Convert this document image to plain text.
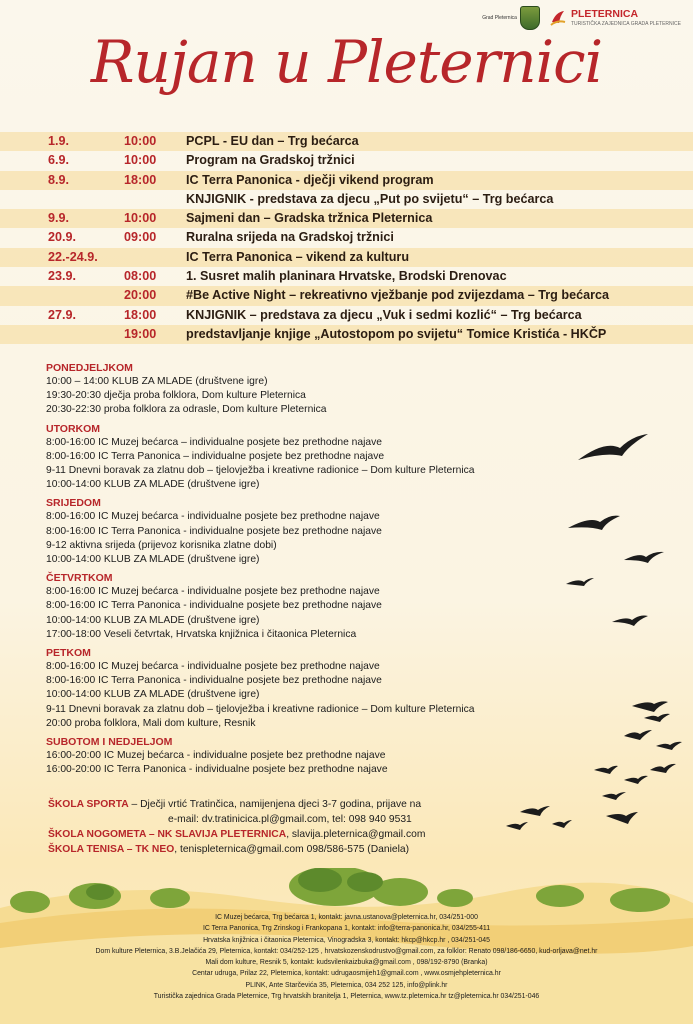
Grad Pleternica	PLETERNICA
TURISTIČKA ZAJEDNICA GRADA PLETERNICE
Rujan u Pleternici
1.9.	10:00 PCPL - EU dan – Trg bećarca
6.9.	10:00 Program na Gradskoj tržnici
8.9.	18:00 IC Terra Panonica - dječji vikend program
KNJIGNIK - predstava za djecu „Put po svijetu“ – Trg bećarca
9.9.	10:00 Sajmeni dan – Gradska tržnica Pleternica
20.9.	09:00 Ruralna srijeda na Gradskoj tržnici
22.-24.9.	IC Terra Panonica – vikend za kulturu
23.9.	08:00 1. Susret malih planinara Hrvatske, Brodski Drenovac
20:00 #Be Active Night – rekreativno vježbanje pod zvijezdama – Trg bećarca
27.9.	18:00 KNJIGNIK – predstava za djecu „Vuk i sedmi kozlić“ – Trg bećarca
19:00 predstavljanje knjige „Autostopom po svijetu“ Tomice Kristića - HKČP
PONEDJELJKOM
10:00 – 14:00 KLUB ZA MLADE (društvene igre)
19:30-20:30 dječja proba folklora, Dom kulture Pleternica
20:30-22:30 proba folklora za odrasle, Dom kulture Pleternica
UTORKOM
8:00-16:00 IC Muzej bećarca – individualne posjete bez prethodne najave
8:00-16:00 IC Terra Panonica – individualne posjete bez prethodne najave
9-11 Dnevni boravak za zlatnu dob – tjelovježba i kreativne radionice – Dom kulture Pleternica
10:00-14:00 KLUB ZA MLADE (društvene igre)
SRIJEDOM
8:00-16:00 IC Muzej bećarca - individualne posjete bez prethodne najave
8:00-16:00 IC Terra Panonica - individualne posjete bez prethodne najave
9-12 aktivna srijeda (prijevoz korisnika zlatne dobi)
10:00-14:00 KLUB ZA MLADE (društvene igre)
ČETVRTKOM
8:00-16:00 IC Muzej bećarca - individualne posjete bez prethodne najave
8:00-16:00 IC Terra Panonica - individualne posjete bez prethodne najave
10:00-14:00 KLUB ZA MLADE (društvene igre)
17:00-18:00 Veseli četvrtak, Hrvatska knjižnica i čitaonica Pleternica
PETKOM
8:00-16:00 IC Muzej bećarca - individualne posjete bez prethodne najave
8:00-16:00 IC Terra Panonica - individualne posjete bez prethodne najave
10:00-14:00 KLUB ZA MLADE (društvene igre)
9-11 Dnevni boravak za zlatnu dob – tjelovježba i kreativne radionice – Dom kulture Pleternica
20:00 proba folklora, Mali dom kulture, Resnik
SUBOTOM I NEDJELJOM
16:00-20:00 IC Muzej bećarca - individualne posjete bez prethodne najave
16:00-20:00 IC Terra Panonica - individualne posjete bez prethodne najave
ŠKOLA SPORTA – Dječji vrtić Tratinčica, namijenjena djeci 3-7 godina, prijave na
e-mail: dv.tratinicica.pl@gmail.com, tel: 098 940 9531
ŠKOLA NOGOMETA – NK SLAVIJA PLETERNICA, slavija.pleternica@gmail.com
ŠKOLA TENISA – TK NEO, tenispleternica@gmail.com 098/586-575 (Daniela)
IC Muzej bećarca, Trg bećarca 1, kontakt: javna.ustanova@pleternica.hr, 034/251-000
IC Terra Panonica, Trg Zrinskog i Frankopana 1, kontakt: info@terra-panonica.hr, 034/255-411
Hrvatska knjižnica i čitaonica Pleternica, Vinogradska 3, kontakt: hkcp@hkcp.hr , 034/251-045
Dom kulture Pleternica, 3.B.Jelačića 29, Pleternica, kontakt: 034/252-125 , hrvatskozenskodrustvo@gmail.com, za folklor: Renato 098/186-6650, kud-orljava@net.hr
Mali dom kulture, Resnik 5, kontakt: kudsvilenkaizbuka@gmail.com , 098/192-8790 (Branka)
Centar udruga, Prilaz 22, Pleternica, kontakt: udrugaosmijeh1@gmail.com , www.osmjehpleternica.hr
PLINK, Ante Starčevića 35, Pleternica, 034 252 125, info@plink.hr
Turistička zajednica Grada Pleternice, Trg hrvatskih branitelja 1, Pleternica, www.tz.pleternica.hr tz@pleternica.hr 034/251-046
